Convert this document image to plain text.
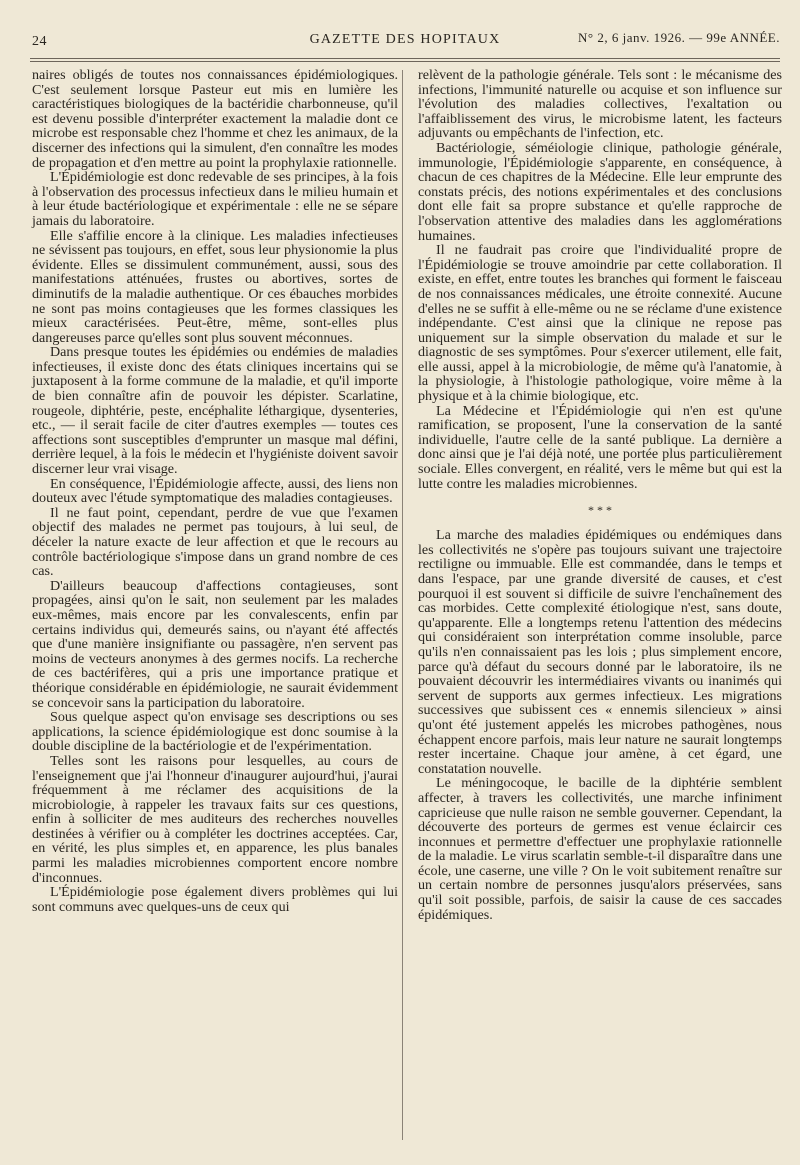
24	GAZETTE DES HOPITAUX	N° 2, 6 janv. 1926. — 99e ANNÉE.

naires obligés de toutes nos connaissances épidémiologiques. C'est seulement lorsque Pasteur eut mis en lumière les caractéristiques biologiques de la bactéridie charbonneuse, qu'il est devenu possible d'interpréter exactement la maladie dont ce microbe est responsable chez l'homme et chez les animaux, de la discerner des infections qui la simulent, d'en connaître les modes de propagation et d'en mettre au point la prophylaxie rationnelle.

L'Épidémiologie est donc redevable de ses principes, à la fois à l'observation des processus infectieux dans le milieu humain et à leur étude bactériologique et expérimentale : elle ne se sépare jamais du laboratoire.

Elle s'affilie encore à la clinique. Les maladies infectieuses ne sévissent pas toujours, en effet, sous leur physionomie la plus évidente. Elles se dissimulent communément, aussi, sous des manifestations atténuées, frustes ou abortives, sortes de diminutifs de la maladie authentique. Or ces ébauches morbides ne sont pas moins contagieuses que les formes classiques les mieux caractérisées. Peut-être, même, sont-elles plus dangereuses parce qu'elles sont plus souvent méconnues.

Dans presque toutes les épidémies ou endémies de maladies infectieuses, il existe donc des états cliniques incertains qui se juxtaposent à la forme commune de la maladie, et qu'il importe de bien connaître afin de pouvoir les dépister. Scarlatine, rougeole, diphtérie, peste, encéphalite léthargique, dysenteries, etc., — il serait facile de citer d'autres exemples — toutes ces affections sont susceptibles d'emprunter un masque mal défini, derrière lequel, à la fois le médecin et l'hygiéniste doivent savoir discerner leur vrai visage.

En conséquence, l'Épidémiologie affecte, aussi, des liens non douteux avec l'étude symptomatique des maladies contagieuses.

Il ne faut point, cependant, perdre de vue que l'examen objectif des malades ne permet pas toujours, à lui seul, de déceler la nature exacte de leur affection et que le recours au contrôle bactériologique s'impose dans un grand nombre de ces cas.

D'ailleurs beaucoup d'affections contagieuses, sont propagées, ainsi qu'on le sait, non seulement par les malades eux-mêmes, mais encore par les convalescents, enfin par certains individus qui, demeurés sains, ou n'ayant été affectés que d'une manière insignifiante ou passagère, n'en servent pas moins de vecteurs anonymes à des germes nocifs. La recherche de ces bactérifères, qui a pris une importance pratique et théorique considérable en épidémiologie, ne saurait évidemment se concevoir sans la participation du laboratoire.

Sous quelque aspect qu'on envisage ses descriptions ou ses applications, la science épidémiologique est donc soumise à la double discipline de la bactériologie et de l'expérimentation.

Telles sont les raisons pour lesquelles, au cours de l'enseignement que j'ai l'honneur d'inaugurer aujourd'hui, j'aurai fréquemment à me réclamer des acquisitions de la microbiologie, à rappeler les travaux faits sur ces questions, enfin à solliciter de mes auditeurs des recherches nouvelles destinées à vérifier ou à compléter les doctrines acceptées. Car, en vérité, les plus simples et, en apparence, les plus banales parmi les maladies microbiennes comportent encore nombre d'inconnues.

L'Épidémiologie pose également divers problèmes qui lui sont communs avec quelques-uns de ceux qui

relèvent de la pathologie générale. Tels sont : le mécanisme des infections, l'immunité naturelle ou acquise et son influence sur l'évolution des maladies collectives, l'exaltation ou l'affaiblissement des virus, le microbisme latent, les facteurs adjuvants ou empêchants de l'infection, etc.

Bactériologie, séméiologie clinique, pathologie générale, immunologie, l'Épidémiologie s'apparente, en conséquence, à chacun de ces chapitres de la Médecine. Elle leur emprunte des constats précis, des notions expérimentales et des conclusions dont elle fait sa propre substance et qu'elle rapproche de l'observation attentive des maladies dans les agglomérations humaines.

Il ne faudrait pas croire que l'individualité propre de l'Épidémiologie se trouve amoindrie par cette collaboration. Il existe, en effet, entre toutes les branches qui forment le faisceau de nos connaissances médicales, une étroite connexité. Aucune d'elles ne se suffit à elle-même ou ne se réclame d'une existence indépendante. C'est ainsi que la clinique ne repose pas uniquement sur la simple observation du malade et sur le diagnostic de ses symptômes. Pour s'exercer utilement, elle fait, elle aussi, appel à la microbiologie, de même qu'à l'anatomie, à la physiologie, à l'histologie pathologique, voire même à la physique et à la chimie biologique, etc.

La Médecine et l'Épidémiologie qui n'en est qu'une ramification, se proposent, l'une la conservation de la santé individuelle, l'autre celle de la santé publique. La dernière a donc ainsi que je l'ai déjà noté, une portée plus particulièrement sociale. Elles convergent, en réalité, vers le même but qui est la lutte contre les maladies microbiennes.

* * *

La marche des maladies épidémiques ou endémiques dans les collectivités ne s'opère pas toujours suivant une trajectoire rectiligne ou immuable. Elle est commandée, dans le temps et dans l'espace, par une grande diversité de causes, et c'est pourquoi il est souvent si difficile de suivre l'enchaînement des cas morbides. Cette complexité étiologique n'est, sans doute, qu'apparente. Elle a longtemps retenu l'attention des médecins qui considéraient son interprétation comme insoluble, parce qu'ils n'en connaissaient pas les lois ; plus simplement encore, parce qu'à défaut du secours donné par le laboratoire, ils ne pouvaient découvrir les intermédiaires vivants ou inanimés qui servent de supports aux germes infectieux. Les migrations successives que subissent ces « ennemis silencieux » ainsi qu'ont été justement appelés les microbes pathogènes, nous échappent encore parfois, mais leur nature ne saurait longtemps rester incertaine. Chaque jour amène, à cet égard, une constatation nouvelle.

Le méningocoque, le bacille de la diphtérie semblent affecter, à travers les collectivités, une marche infiniment capricieuse que nulle raison ne semble gouverner. Cependant, la découverte des porteurs de germes est venue éclaircir ces inconnues et permettre d'effectuer une prophylaxie rationnelle de la maladie. Le virus scarlatin semble-t-il disparaître dans une école, une caserne, une ville ? On le voit subitement renaître sur un certain nombre de personnes jusqu'alors préservées, sans qu'il soit possible, parfois, de saisir la cause de ces saccades épidémiques.
